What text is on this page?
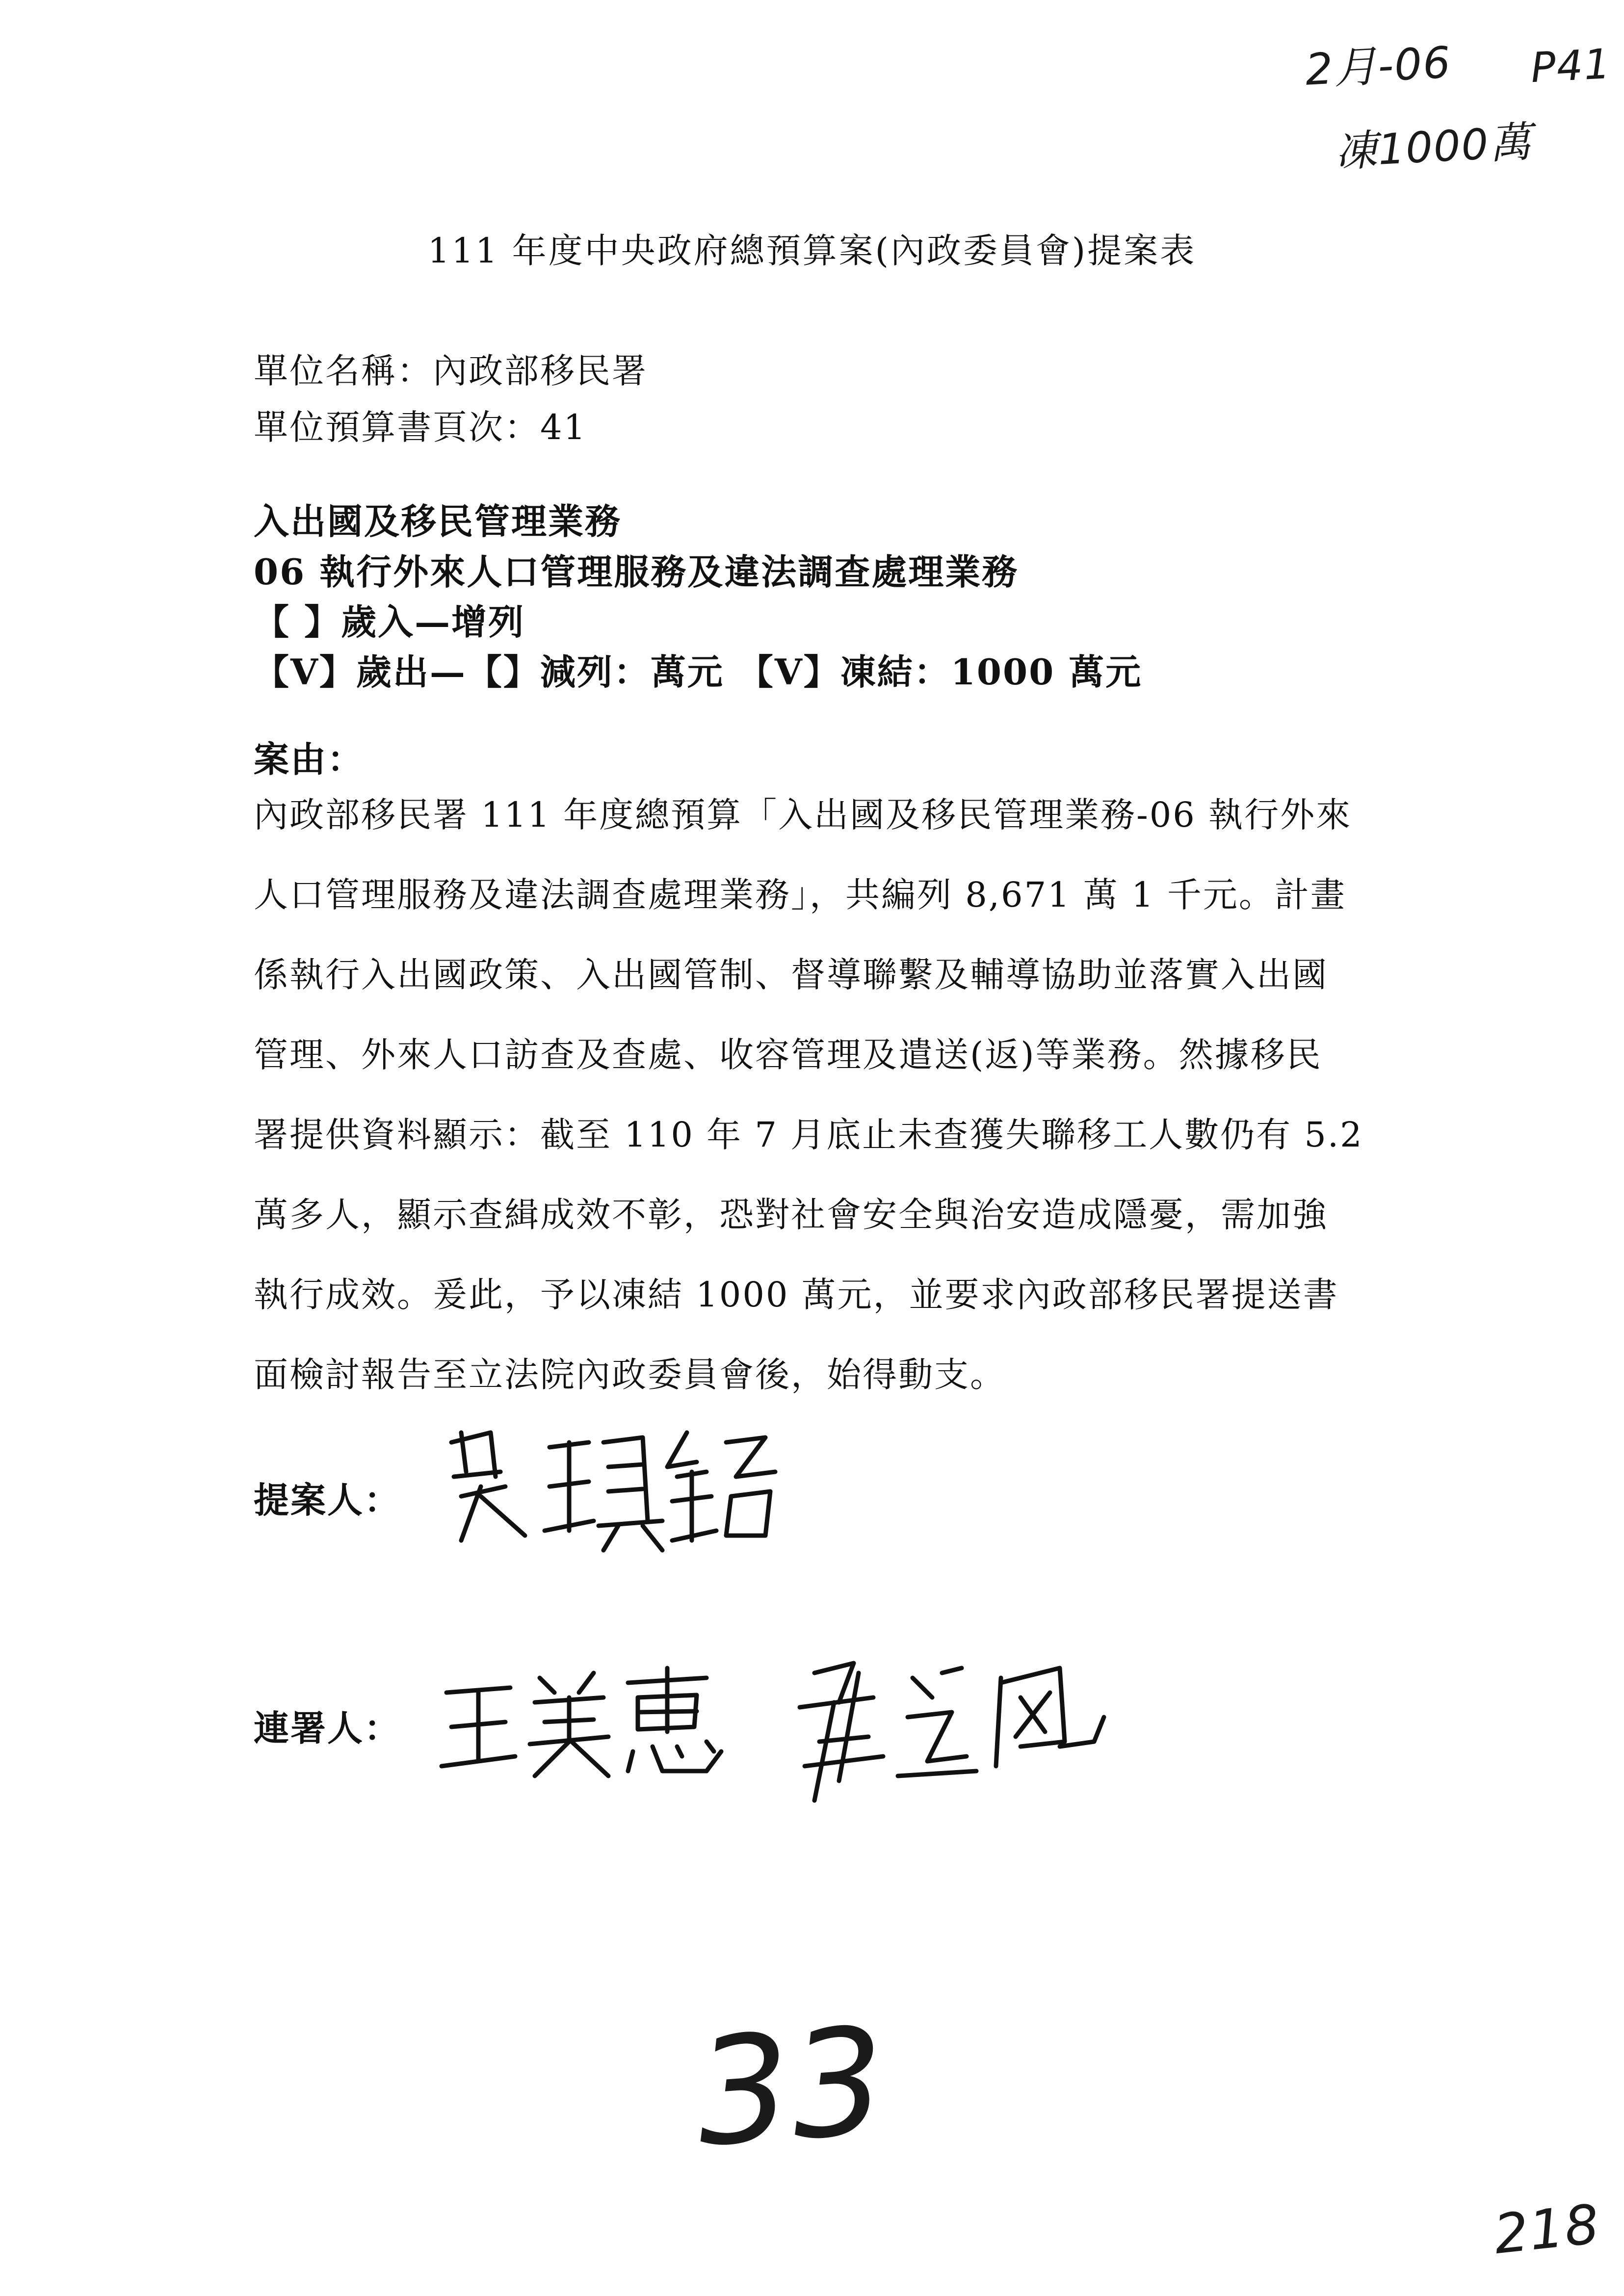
2月-06 P41
凍1000萬
111 年度中央政府總預算案(內政委員會)提案表
單位名稱：內政部移民署
單位預算書頁次：41
入出國及移民管理業務
06 執行外來人口管理服務及違法調查處理業務
【 】歲入—增列
【V】歲出—【】減列：萬元 【V】凍結：1000 萬元
案由：
內政部移民署 111 年度總預算「入出國及移民管理業務-06 執行外來
人口管理服務及違法調查處理業務」，共編列 8,671 萬 1 千元。計畫
係執行入出國政策、入出國管制、督導聯繫及輔導協助並落實入出國
管理、外來人口訪查及查處、收容管理及遣送(返)等業務。然據移民
署提供資料顯示：截至 110 年 7 月底止未查獲失聯移工人數仍有 5.2
萬多人，顯示查緝成效不彰，恐對社會安全與治安造成隱憂，需加強
執行成效。爰此，予以凍結 1000 萬元，並要求內政部移民署提送書
面檢討報告至立法院內政委員會後，始得動支。
提案人：
連署人：
33
218
